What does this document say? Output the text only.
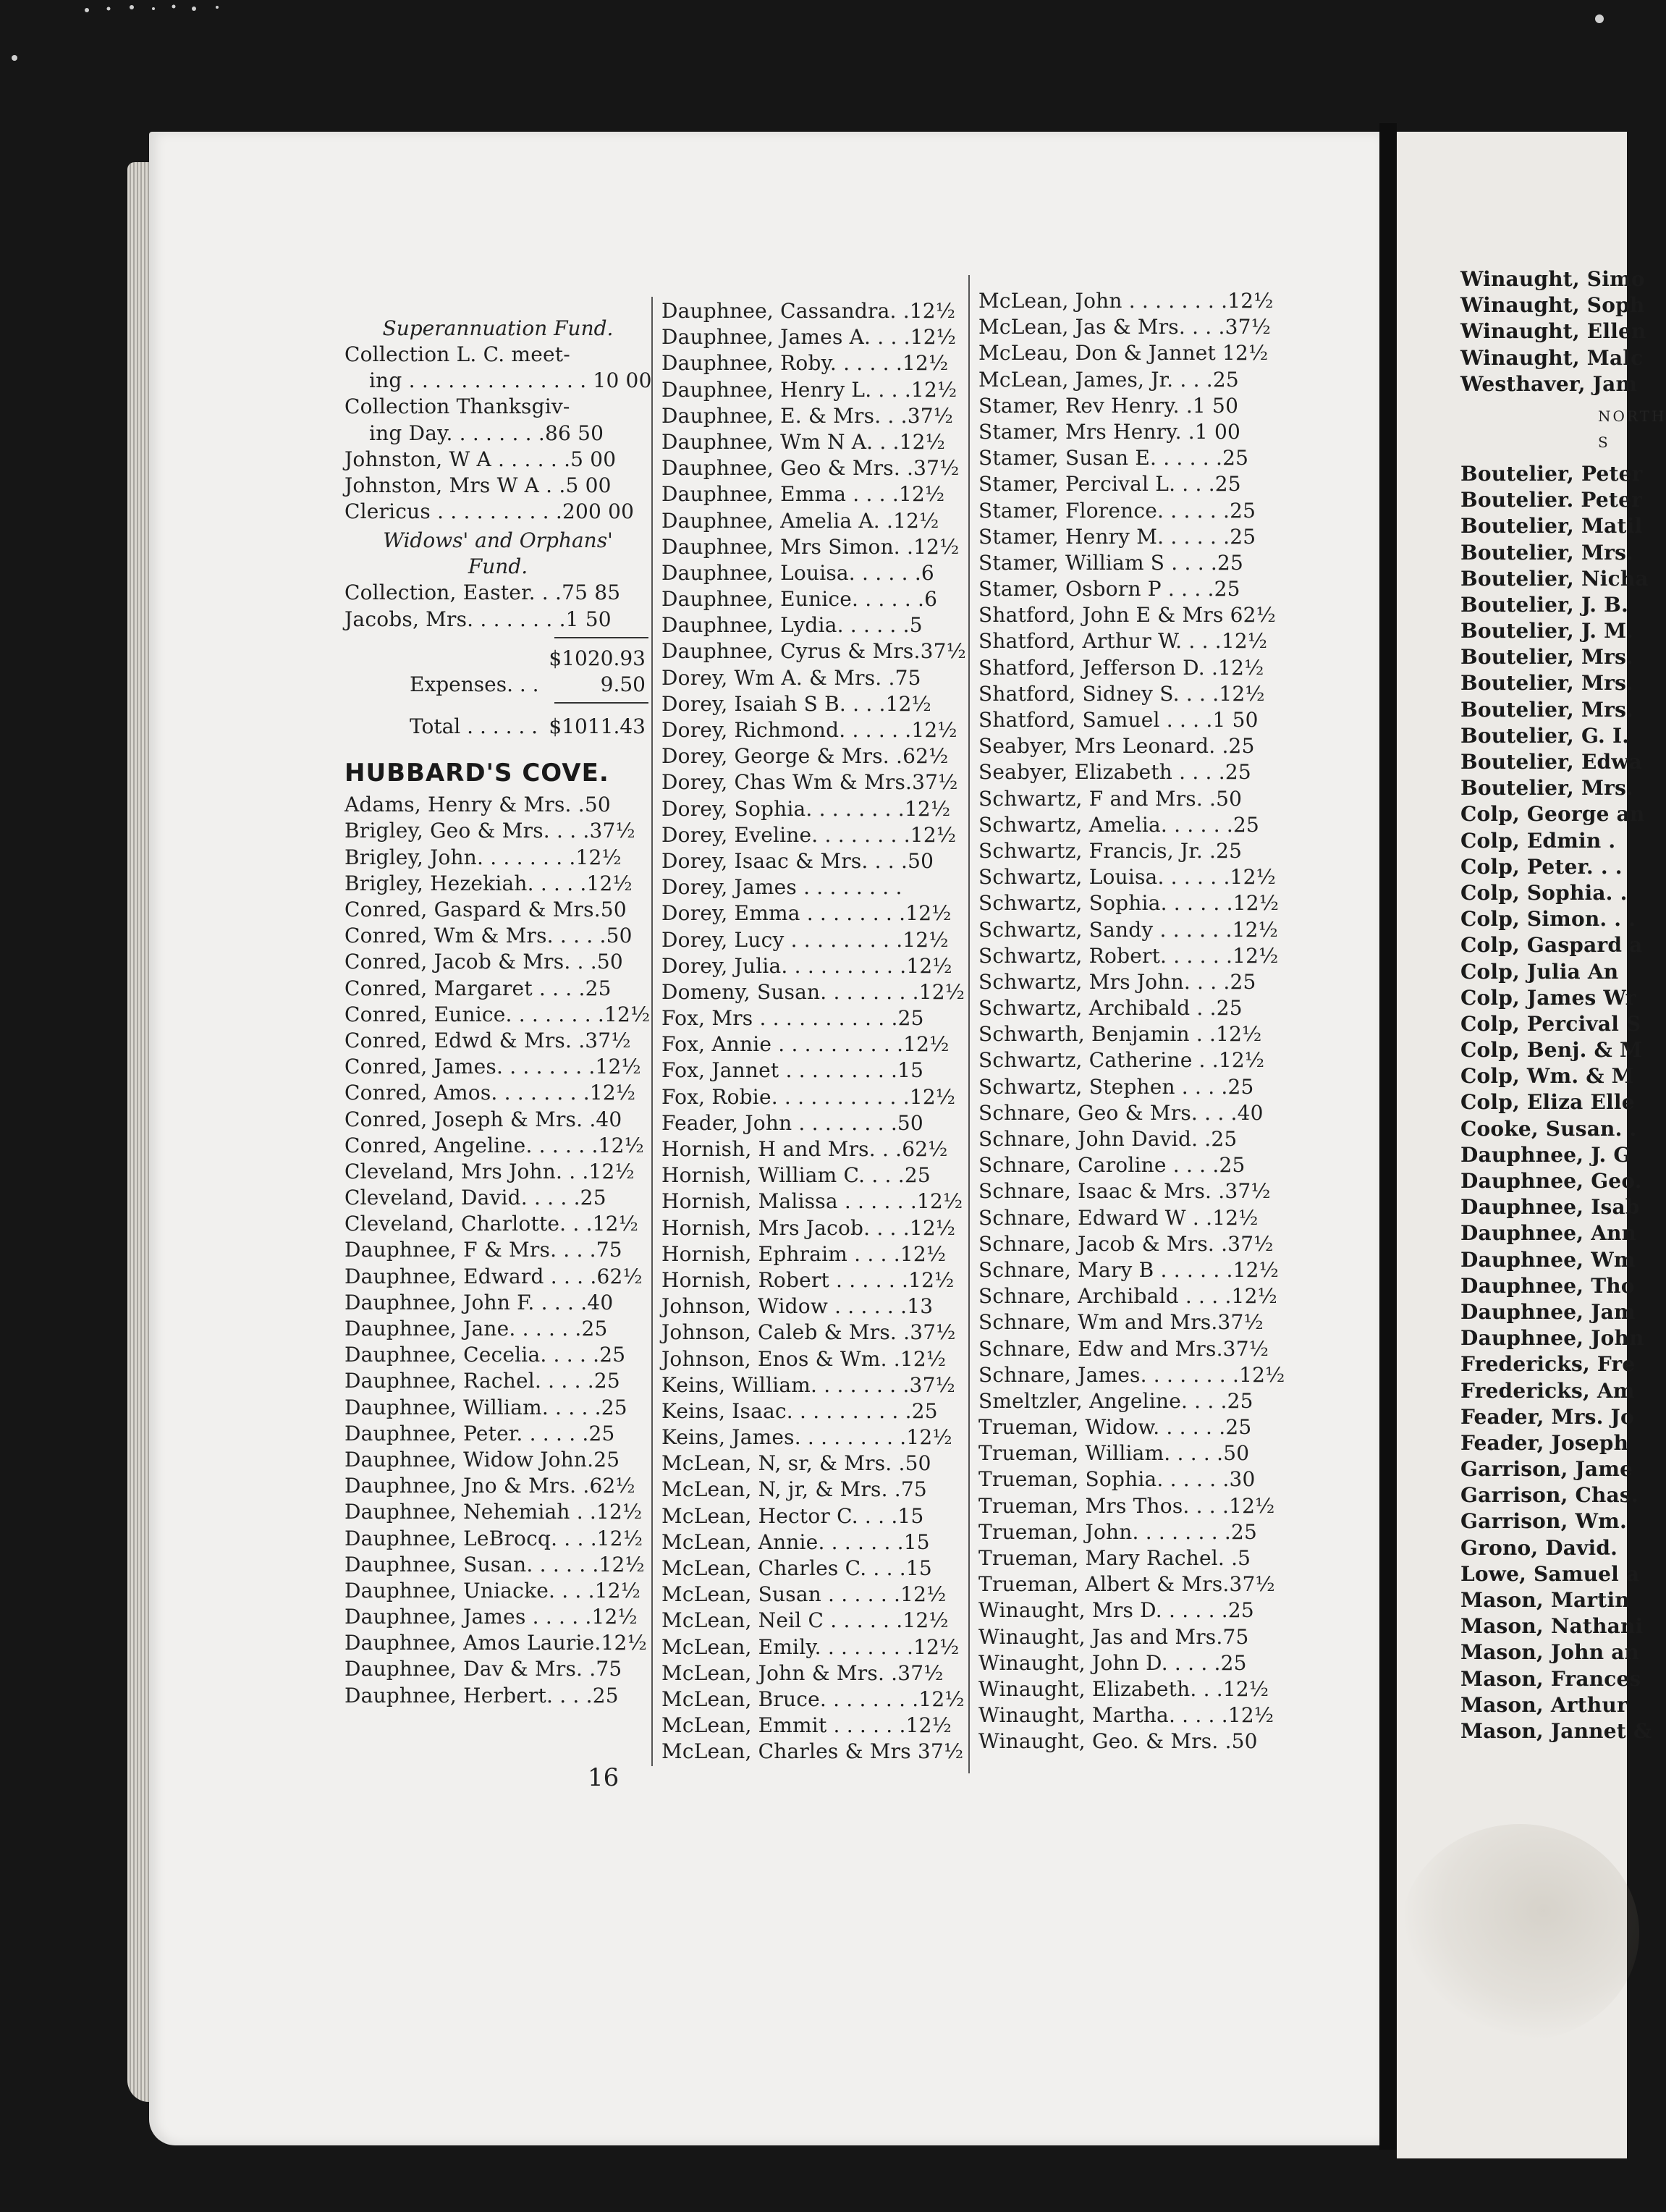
Superannuation Fund.
Collection L. C. meet-
ing . . . . . . . . . . . . . . 10 00
Collection Thanksgiv-
ing Day. . . . . . . .86 50
Johnston, W A . . . . . .5 00
Johnston, Mrs W A . .5 00
Clericus . . . . . . . . . .200 00
Widows' and Orphans'
Fund.
Collection, Easter. . .75 85
Jacobs, Mrs. . . . . . . .1 50
$1020.93
Expenses. . .	9.50
Total . . . . . . $1011.43
HUBBARD'S COVE.
Adams, Henry & Mrs. .50
Brigley, Geo & Mrs. . . .37½
Brigley, John. . . . . . . .12½
Brigley, Hezekiah. . . . .12½
Conred, Gaspard & Mrs.50
Conred, Wm & Mrs. . . . .50
Conred, Jacob & Mrs. . .50
Conred, Margaret . . . .25
Conred, Eunice. . . . . . . .12½
Conred, Edwd & Mrs. .37½
Conred, James. . . . . . . .12½
Conred, Amos. . . . . . . .12½
Conred, Joseph & Mrs. .40
Conred, Angeline. . . . . .12½
Cleveland, Mrs John. . .12½
Cleveland, David. . . . .25
Cleveland, Charlotte. . .12½
Dauphnee, F & Mrs. . . .75
Dauphnee, Edward . . . .62½
Dauphnee, John F. . . . .40
Dauphnee, Jane. . . . . .25
Dauphnee, Cecelia. . . . .25
Dauphnee, Rachel. . . . .25
Dauphnee, William. . . . .25
Dauphnee, Peter. . . . . .25
Dauphnee, Widow John.25
Dauphnee, Jno & Mrs. .62½
Dauphnee, Nehemiah . .12½
Dauphnee, LeBrocq. . . .12½
Dauphnee, Susan. . . . . .12½
Dauphnee, Uniacke. . . .12½
Dauphnee, James . . . . .12½
Dauphnee, Amos Laurie.12½
Dauphnee, Dav & Mrs. .75
Dauphnee, Herbert. . . .25
Dauphnee, Cassandra. .12½
Dauphnee, James A. . . .12½
Dauphnee, Roby. . . . . .12½
Dauphnee, Henry L. . . .12½
Dauphnee, E. & Mrs. . .37½
Dauphnee, Wm N A. . .12½
Dauphnee, Geo & Mrs. .37½
Dauphnee, Emma . . . .12½
Dauphnee, Amelia A. .12½
Dauphnee, Mrs Simon. .12½
Dauphnee, Louisa. . . . . .6
Dauphnee, Eunice. . . . . .6
Dauphnee, Lydia. . . . . .5
Dauphnee, Cyrus & Mrs.37½
Dorey, Wm A. & Mrs. .75
Dorey, Isaiah S B. . . .12½
Dorey, Richmond. . . . . .12½
Dorey, George & Mrs. .62½
Dorey, Chas Wm & Mrs.37½
Dorey, Sophia. . . . . . . .12½
Dorey, Eveline. . . . . . . .12½
Dorey, Isaac & Mrs. . . .50
Dorey, James . . . . . . . .
Dorey, Emma . . . . . . . .12½
Dorey, Lucy . . . . . . . . .12½
Dorey, Julia. . . . . . . . . .12½
Domeny, Susan. . . . . . . .12½
Fox, Mrs . . . . . . . . . . .25
Fox, Annie . . . . . . . . . .12½
Fox, Jannet . . . . . . . . .15
Fox, Robie. . . . . . . . . . .12½
Feader, John . . . . . . . .50
Hornish, H and Mrs. . .62½
Hornish, William C. . . .25
Hornish, Malissa . . . . . .12½
Hornish, Mrs Jacob. . . .12½
Hornish, Ephraim . . . .12½
Hornish, Robert . . . . . .12½
Johnson, Widow . . . . . .13
Johnson, Caleb & Mrs. .37½
Johnson, Enos & Wm. .12½
Keins, William. . . . . . . .37½
Keins, Isaac. . . . . . . . . .25
Keins, James. . . . . . . . .12½
McLean, N, sr, & Mrs. .50
McLean, N, jr, & Mrs. .75
McLean, Hector C. . . .15
McLean, Annie. . . . . . .15
McLean, Charles C. . . .15
McLean, Susan . . . . . .12½
McLean, Neil C . . . . . .12½
McLean, Emily. . . . . . . .12½
McLean, John & Mrs. .37½
McLean, Bruce. . . . . . . .12½
McLean, Emmit . . . . . .12½
McLean, Charles & Mrs 37½
McLean, John . . . . . . . .12½
McLean, Jas & Mrs. . . .37½
McLeau, Don & Jannet 12½
McLean, James, Jr. . . .25
Stamer, Rev Henry. .1 50
Stamer, Mrs Henry. .1 00
Stamer, Susan E. . . . . .25
Stamer, Percival L. . . .25
Stamer, Florence. . . . . .25
Stamer, Henry M. . . . . .25
Stamer, William S . . . .25
Stamer, Osborn P . . . .25
Shatford, John E & Mrs 62½
Shatford, Arthur W. . . .12½
Shatford, Jefferson D. .12½
Shatford, Sidney S. . . .12½
Shatford, Samuel . . . .1 50
Seabyer, Mrs Leonard. .25
Seabyer, Elizabeth . . . .25
Schwartz, F and Mrs. .50
Schwartz, Amelia. . . . . .25
Schwartz, Francis, Jr. .25
Schwartz, Louisa. . . . . .12½
Schwartz, Sophia. . . . . .12½
Schwartz, Sandy . . . . . .12½
Schwartz, Robert. . . . . .12½
Schwartz, Mrs John. . . .25
Schwartz, Archibald . .25
Schwarth, Benjamin . .12½
Schwartz, Catherine . .12½
Schwartz, Stephen . . . .25
Schnare, Geo & Mrs. . . .40
Schnare, John David. .25
Schnare, Caroline . . . .25
Schnare, Isaac & Mrs. .37½
Schnare, Edward W . .12½
Schnare, Jacob & Mrs. .37½
Schnare, Mary B . . . . . .12½
Schnare, Archibald . . . .12½
Schnare, Wm and Mrs.37½
Schnare, Edw and Mrs.37½
Schnare, James. . . . . . . .12½
Smeltzler, Angeline. . . .25
Trueman, Widow. . . . . .25
Trueman, William. . . . .50
Trueman, Sophia. . . . . .30
Trueman, Mrs Thos. . . .12½
Trueman, John. . . . . . . .25
Trueman, Mary Rachel. .5
Trueman, Albert & Mrs.37½
Winaught, Mrs D. . . . . .25
Winaught, Jas and Mrs.75
Winaught, John D. . . . .25
Winaught, Elizabeth. . .12½
Winaught, Martha. . . . .12½
Winaught, Geo. & Mrs. .50
16
Winaught, Simo
Winaught, Soph
Winaught, Ellen
Winaught, Malc
Westhaver, Jam
NORTH S
Boutelier, Peter
Boutelier. Peter
Boutelier, Matil
Boutelier, Mrs.
Boutelier, Nicha
Boutelier, J. B.
Boutelier, J. M.
Boutelier, Mrs.
Boutelier, Mrs.
Boutelier, Mrs.
Boutelier, G. I.
Boutelier, Edwa
Boutelier, Mrs.
Colp, George an
Colp, Edmin .
Colp, Peter. . .
Colp, Sophia. .
Colp, Simon. . .
Colp, Gaspard a
Colp, Julia An
Colp, James Wr
Colp, Percival S
Colp, Benj. & M
Colp, Wm. & M
Colp, Eliza Elle
Cooke, Susan. .
Dauphnee, J. G
Dauphnee, Geo.
Dauphnee, Isab
Dauphnee, Ann
Dauphnee, Wm
Dauphnee, Tho
Dauphnee, Jam
Dauphnee, John
Fredericks, Fre
Fredericks, Am
Feader, Mrs. Jo
Feader, Joseph
Garrison, Jame
Garrison, Chas.
Garrison, Wm.
Grono, David.
Lowe, Samuel a
Mason, Martin
Mason, Nathani
Mason, John an
Mason, Frances
Mason, Arthur
Mason, Jannet &
